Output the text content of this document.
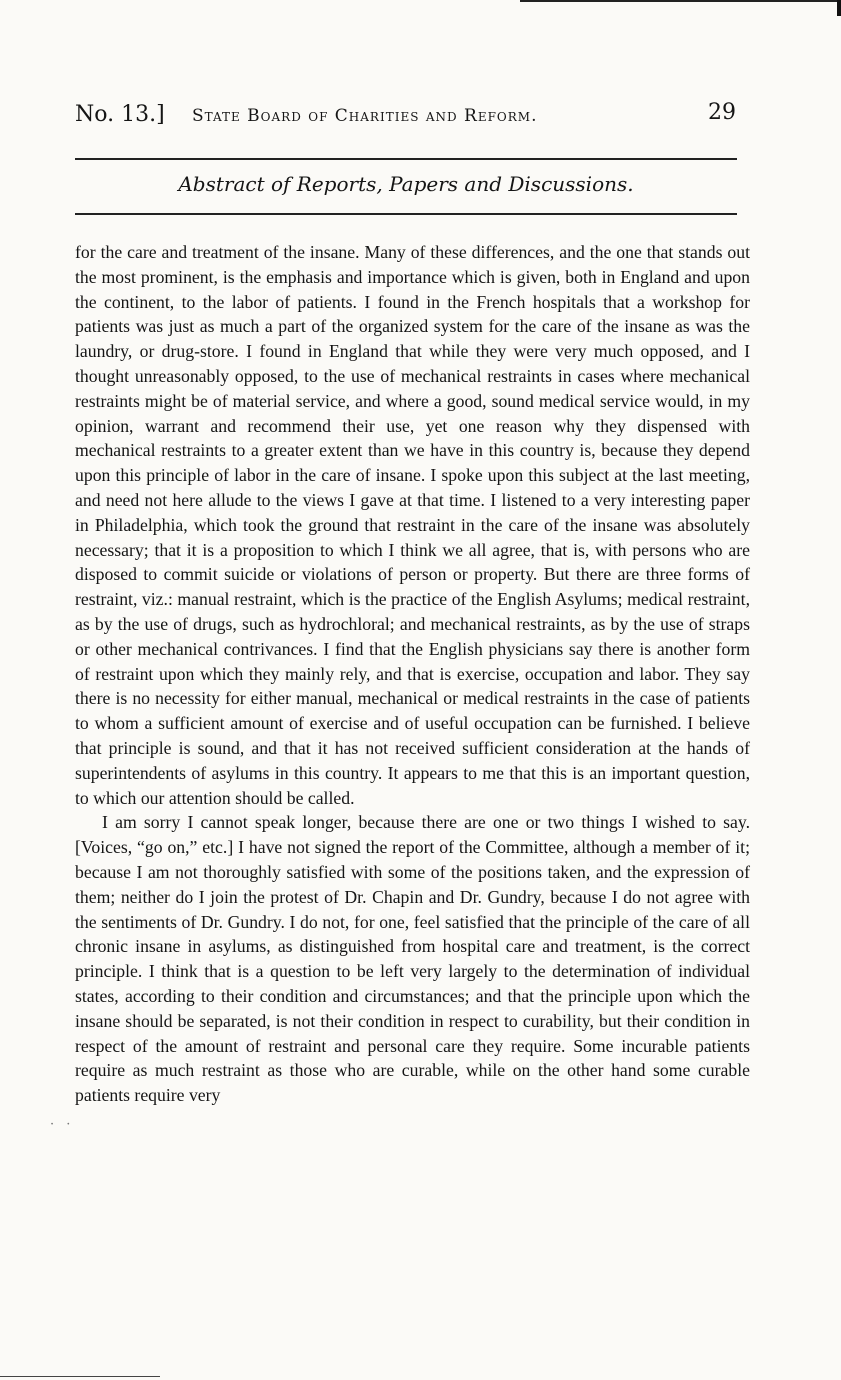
No. 13.] State Board of Charities and Reform.	29
Abstract of Reports, Papers and Discussions.

for the care and treatment of the insane. Many of these differences, and the one that stands out the most prominent, is the emphasis and importance which is given, both in England and upon the continent, to the labor of patients. I found in the French hospitals that a workshop for patients was just as much a part of the organized system for the care of the insane as was the laundry, or drug-store. I found in England that while they were very much opposed, and I thought unreasonably opposed, to the use of mechanical restraints in cases where mechanical restraints might be of material service, and where a good, sound medical service would, in my opinion, warrant and recommend their use, yet one reason why they dispensed with mechanical restraints to a greater extent than we have in this country is, because they depend upon this principle of labor in the care of insane. I spoke upon this subject at the last meeting, and need not here allude to the views I gave at that time. I listened to a very interesting paper in Philadelphia, which took the ground that restraint in the care of the insane was absolutely necessary; that it is a proposition to which I think we all agree, that is, with persons who are disposed to commit suicide or violations of person or property. But there are three forms of restraint, viz.: manual restraint, which is the practice of the English Asylums; medical restraint, as by the use of drugs, such as hydrochloral; and mechanical restraints, as by the use of straps or other mechanical contrivances. I find that the English physicians say there is another form of restraint upon which they mainly rely, and that is exercise, occupation and labor. They say there is no necessity for either manual, mechanical or medical restraints in the case of patients to whom a sufficient amount of exercise and of useful occupation can be furnished. I believe that principle is sound, and that it has not received sufficient consideration at the hands of superintendents of asylums in this country. It appears to me that this is an important question, to which our attention should be called.

I am sorry I cannot speak longer, because there are one or two things I wished to say. [Voices, “go on,” etc.] I have not signed the report of the Committee, although a member of it; because I am not thoroughly satisfied with some of the positions taken, and the expression of them; neither do I join the protest of Dr. Chapin and Dr. Gundry, because I do not agree with the sentiments of Dr. Gundry. I do not, for one, feel satisfied that the principle of the care of all chronic insane in asylums, as distinguished from hospital care and treatment, is the correct principle. I think that is a question to be left very largely to the determination of individual states, according to their condition and circumstances; and that the principle upon which the insane should be separated, is not their condition in respect to curability, but their condition in respect of the amount of restraint and personal care they require. Some incurable patients require as much restraint as those who are curable, while on the other hand some curable patients require very

· ·
